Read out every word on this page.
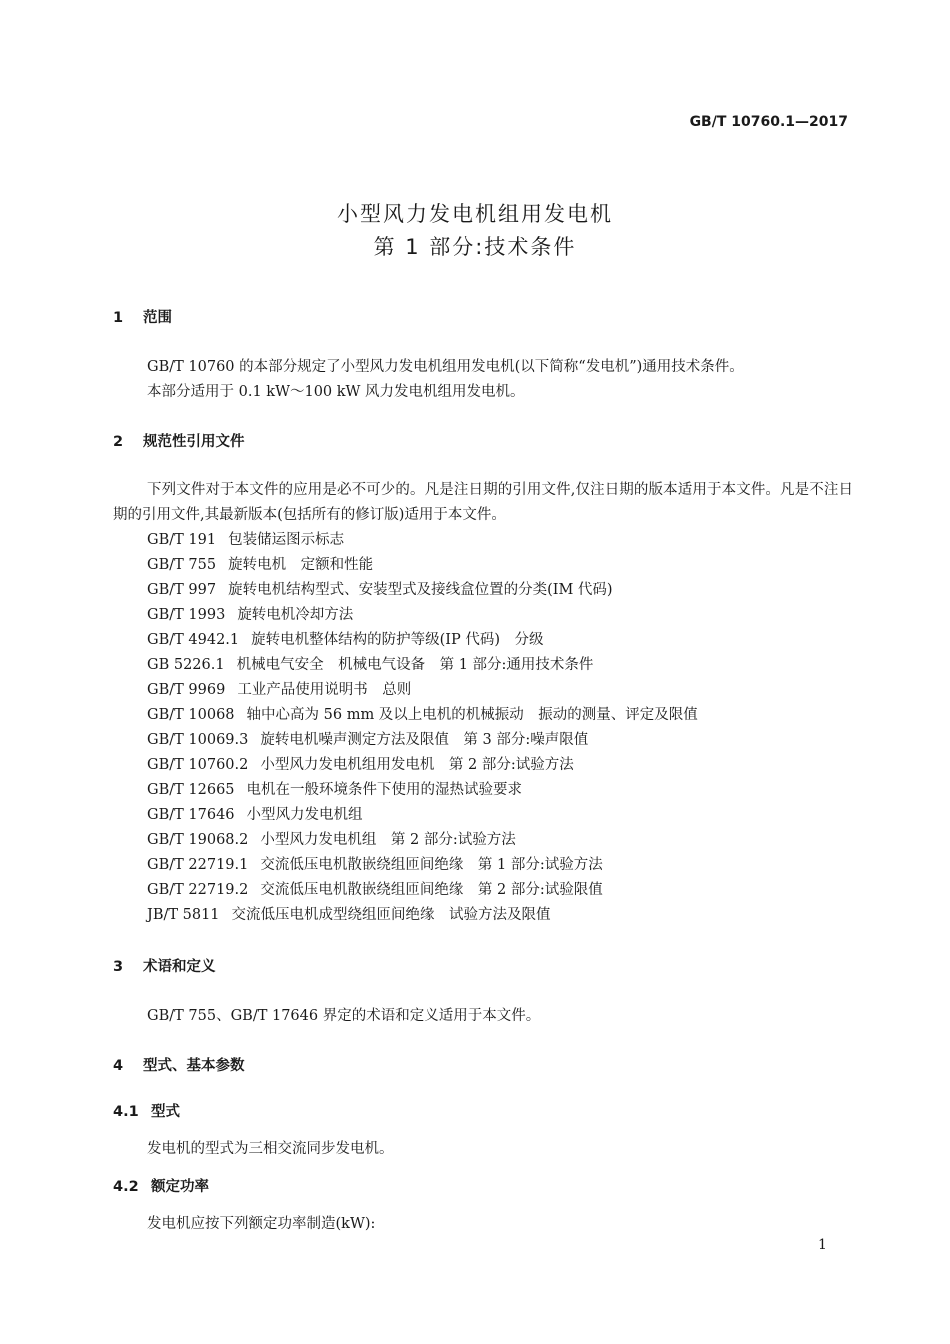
GB/T 10760.1—2017
小型风力发电机组用发电机
第 1 部分:技术条件
1 范围
GB/T 10760 的本部分规定了小型风力发电机组用发电机(以下简称“发电机”)通用技术条件。
本部分适用于 0.1 kW～100 kW 风力发电机组用发电机。
2 规范性引用文件
下列文件对于本文件的应用是必不可少的。凡是注日期的引用文件,仅注日期的版本适用于本文件。凡是不注日期的引用文件,其最新版本(包括所有的修订版)适用于本文件。
GB/T 191 包装储运图示标志
GB/T 755 旋转电机　定额和性能
GB/T 997 旋转电机结构型式、安装型式及接线盒位置的分类(IM 代码)
GB/T 1993 旋转电机冷却方法
GB/T 4942.1 旋转电机整体结构的防护等级(IP 代码)　分级
GB 5226.1 机械电气安全　机械电气设备　第 1 部分:通用技术条件
GB/T 9969 工业产品使用说明书　总则
GB/T 10068 轴中心高为 56 mm 及以上电机的机械振动　振动的测量、评定及限值
GB/T 10069.3 旋转电机噪声测定方法及限值　第 3 部分:噪声限值
GB/T 10760.2 小型风力发电机组用发电机　第 2 部分:试验方法
GB/T 12665 电机在一般环境条件下使用的湿热试验要求
GB/T 17646 小型风力发电机组
GB/T 19068.2 小型风力发电机组　第 2 部分:试验方法
GB/T 22719.1 交流低压电机散嵌绕组匝间绝缘　第 1 部分:试验方法
GB/T 22719.2 交流低压电机散嵌绕组匝间绝缘　第 2 部分:试验限值
JB/T 5811 交流低压电机成型绕组匝间绝缘　试验方法及限值
3 术语和定义
GB/T 755、GB/T 17646 界定的术语和定义适用于本文件。
4 型式、基本参数
4.1 型式
发电机的型式为三相交流同步发电机。
4.2 额定功率
发电机应按下列额定功率制造(kW):
1
